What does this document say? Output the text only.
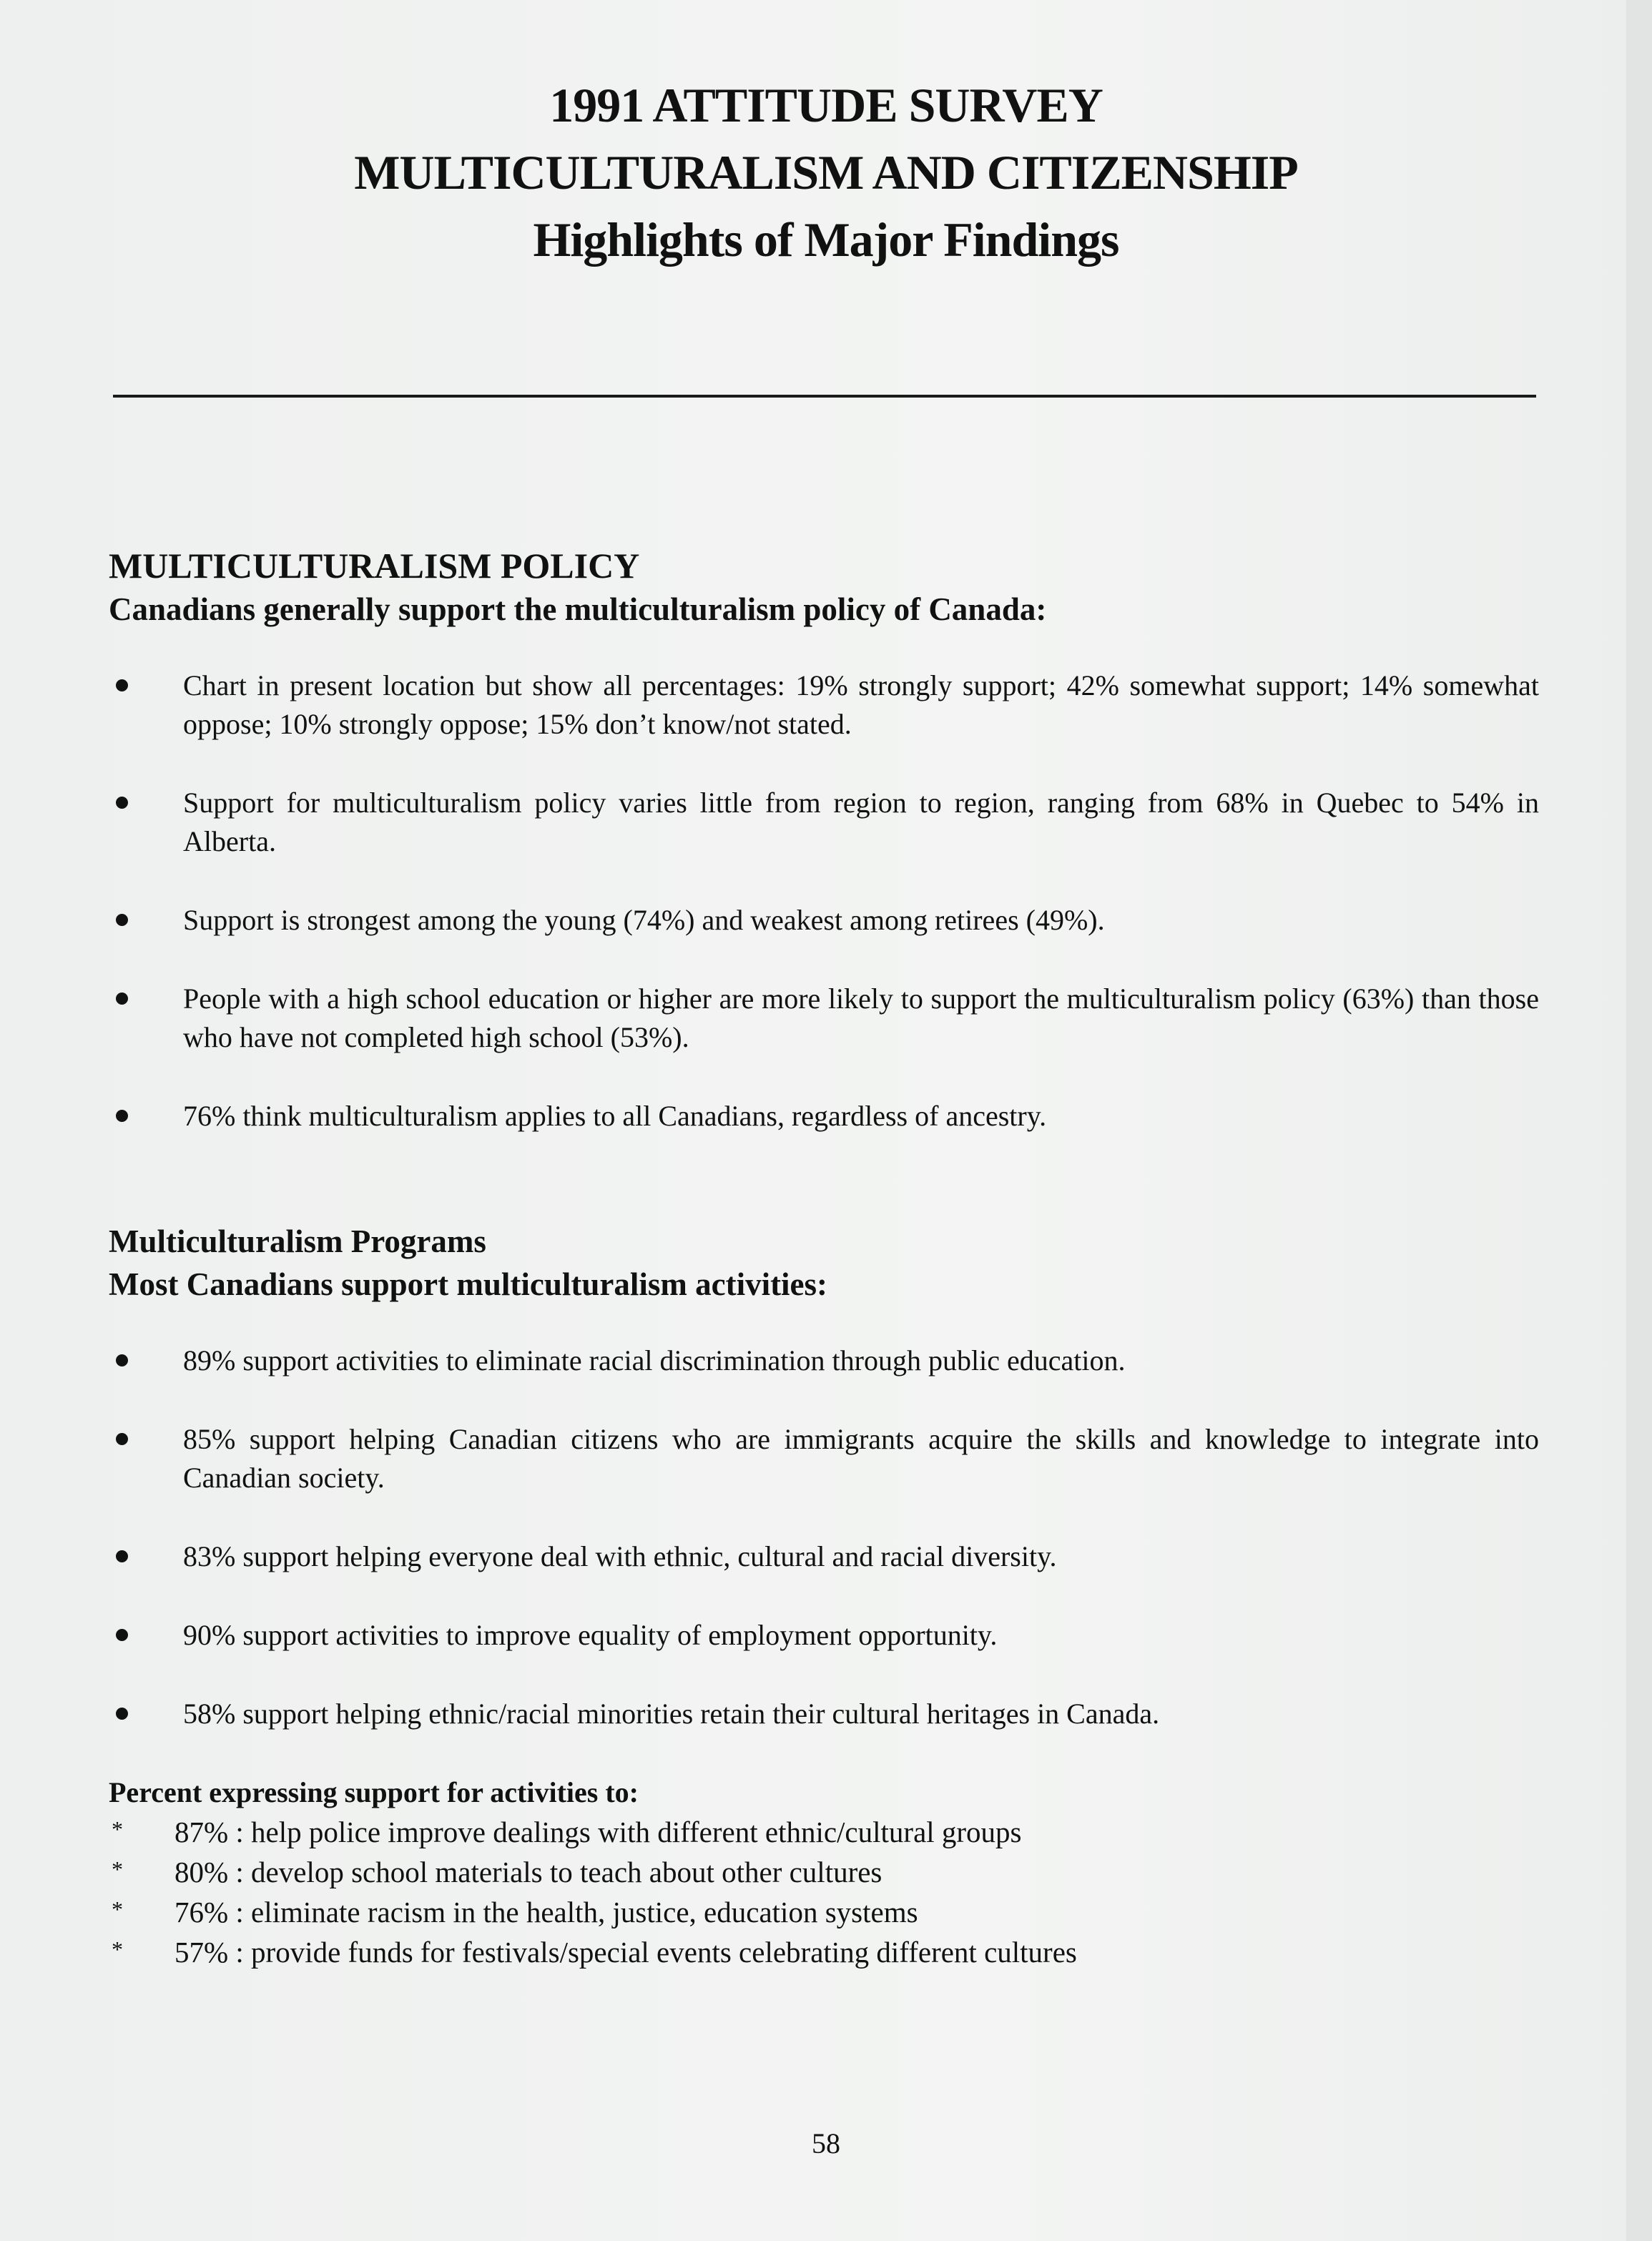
1991 ATTITUDE SURVEY
MULTICULTURALISM AND CITIZENSHIP
Highlights of Major Findings
MULTICULTURALISM POLICY

Canadians generally support the multiculturalism policy of Canada:

Chart in present location but show all percentages: 19% strongly support; 42% somewhat support; 14% somewhat oppose; 10% strongly oppose; 15% don’t know/not stated.
Support for multiculturalism policy varies little from region to region, ranging from 68% in Quebec to 54% in Alberta.
Support is strongest among the young (74%) and weakest among retirees (49%).
People with a high school education or higher are more likely to support the multiculturalism policy (63%) than those who have not completed high school (53%).
76% think multiculturalism applies to all Canadians, regardless of ancestry.
Multiculturalism Programs

Most Canadians support multiculturalism activities:

89% support activities to eliminate racial discrimination through public education.
85% support helping Canadian citizens who are immigrants acquire the skills and knowledge to integrate into Canadian society.
83% support helping everyone deal with ethnic, cultural and racial diversity.
90% support activities to improve equality of employment opportunity.
58% support helping ethnic/racial minorities retain their cultural heritages in Canada.

Percent expressing support for activities to:

* 87% : help police improve dealings with different ethnic/cultural groups
* 80% : develop school materials to teach about other cultures
* 76% : eliminate racism in the health, justice, education systems
* 57% : provide funds for festivals/special events celebrating different cultures
58
